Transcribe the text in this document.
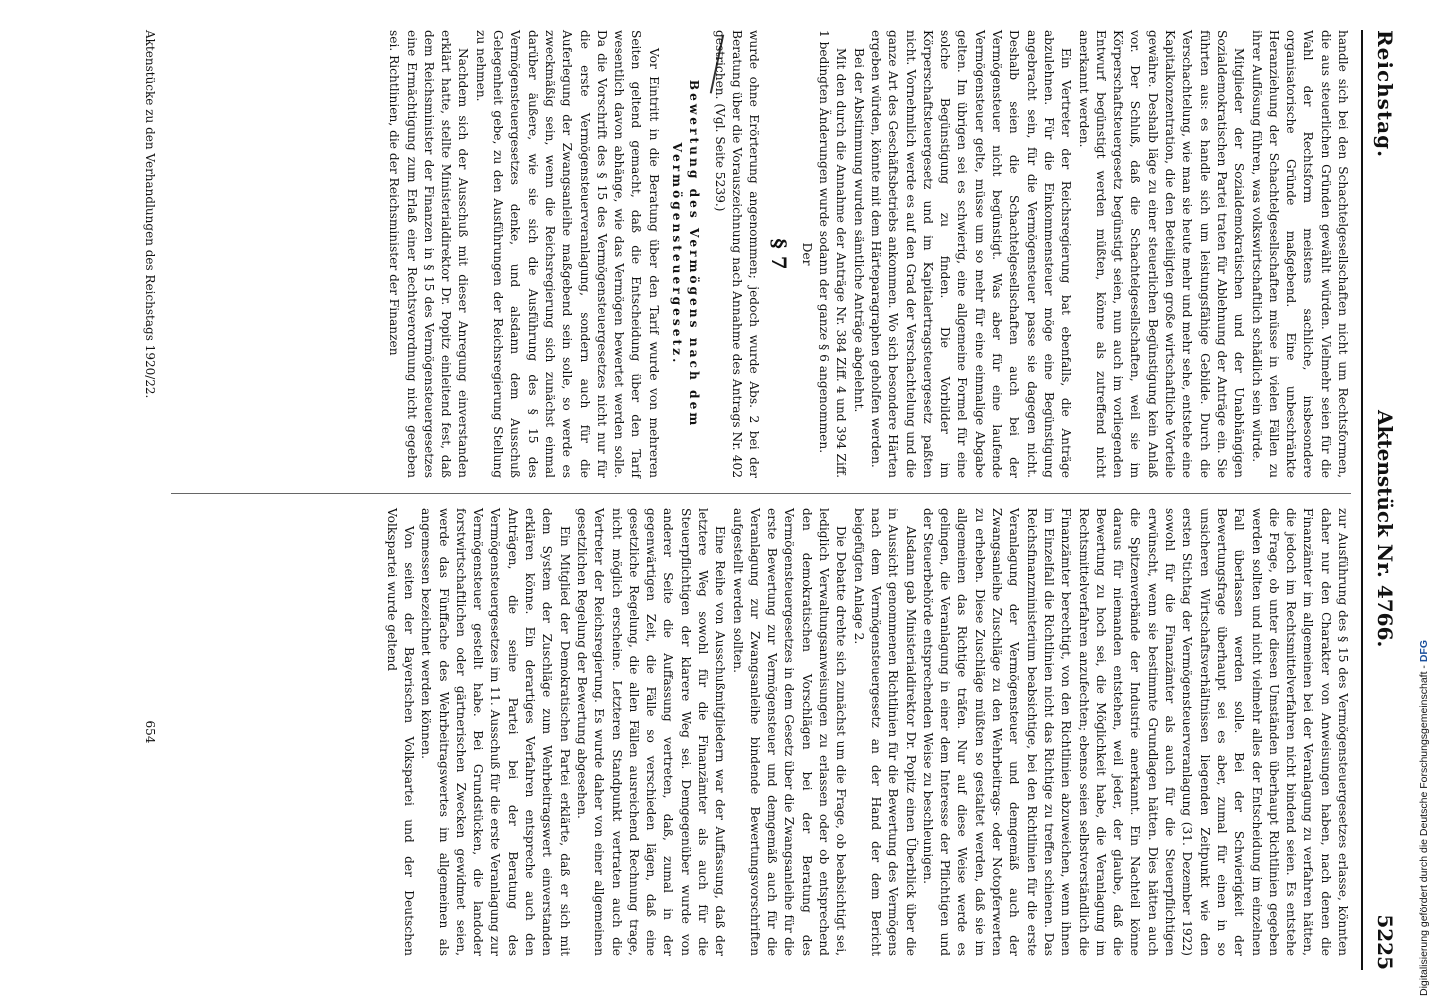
Reichstag.
Aktenstück Nr. 4766.
5225

handle sich bei den Schachtelgesellschaften nicht um Rechtsformen, die aus steuerlichen Gründen gewählt würden. Vielmehr seien für die Wahl der Rechtsform meistens sachliche, insbesondere organisatorische Gründe maßgebend. Eine unbeschränkte Heranziehung der Schachtelgesellschaften müsse in vielen Fällen zu ihrer Auflösung führen, was volkswirtschaftlich schädlich sein würde.

Mitglieder der Sozialdemokratischen und der Unabhängigen Sozialdemokratischen Partei traten für Ablehnung der Anträge ein. Sie führten aus: es handle sich um leistungsfähige Gebilde. Durch die Verschachtelung, wie man sie heute mehr und mehr sehe, entstehe eine Kapitalkonzentration, die den Beteiligten große wirtschaftliche Vorteile gewähre. Deshalb läge zu einer steuerlichen Begünstigung kein Anlaß vor. Der Schluß, daß die Schachtelgesellschaften, weil sie im Körperschaftsteuergesetz begünstigt seien, nun auch im vorliegenden Entwurf begünstigt werden müßten, könne als zutreffend nicht anerkannt werden.

Ein Vertreter der Reichsregierung bat ebenfalls, die Anträge abzulehnen. Für die Einkommensteuer möge eine Begünstigung angebracht sein, für die Vermögensteuer passe sie dagegen nicht. Deshalb seien die Schachtelgesellschaften auch bei der Vermögensteuer nicht begünstigt. Was aber für eine laufende Vermögensteuer gelte, müsse um so mehr für eine einmalige Abgabe gelten. Im übrigen sei es schwierig, eine allgemeine Formel für eine solche Begünstigung zu finden. Die Vorbilder im Körperschaftsteuergesetz und im Kapitalertragsteuergesetz paßten nicht. Vornehmlich werde es auf den Grad der Verschachtelung und die ganze Art des Geschäftsbetriebs ankommen. Wo sich besondere Härten ergeben würden, könnte mit dem Härteparagraphen geholfen werden.

Bei der Abstimmung wurden sämtliche Anträge abgelehnt.

Mit den durch die Annahme der Anträge Nr. 384 Ziff. 4 und 394 Ziff. 1 bedingten Änderungen wurde sodann der ganze § 6 angenommen.

Der

§ 7

wurde ohne Erörterung angenommen; jedoch wurde Abs. 2 bei der Beratung über die Vorauszeichnung nach Annahme des Antrags Nr. 402 gestrichen. (Vgl. Seite 5239.)

Bewertung des Vermögens nach dem Vermögensteuergesetz.

Vor Eintritt in die Beratung über den Tarif wurde von mehreren Seiten geltend gemacht, daß die Entscheidung über den Tarif wesentlich davon abhänge, wie das Vermögen bewertet werden solle. Da die Vorschrift des § 15 des Vermögensteuergesetzes nicht nur für die erste Vermögensteuerveranlagung, sondern auch für die Auferlegung der Zwangsanleihe maßgebend sein solle, so werde es zweckmäßig sein, wenn die Reichsregierung sich zunächst einmal darüber äußere, wie sie sich die Ausführung des § 15 des Vermögensteuergesetzes denke, und alsdann dem Ausschuß Gelegenheit gebe, zu den Ausführungen der Reichsregierung Stellung zu nehmen.

Nachdem sich der Ausschuß mit dieser Anregung einverstanden erklärt hatte, stellte Ministerialdirektor Dr. Popitz einleitend fest, daß dem Reichsminister der Finanzen in § 15 des Vermögensteuergesetzes eine Ermächtigung zum Erlaß einer Rechtsverordnung nicht gegeben sei. Richtlinien, die der Reichsminister der Finanzen

zur Ausführung des § 15 des Vermögensteuergesetzes erlasse, könnten daher nur den Charakter von Anweisungen haben, nach denen die Finanzämter im allgemeinen bei der Veranlagung zu verfahren hätten, die jedoch im Rechtsmittelverfahren nicht bindend seien. Es entstehe die Frage, ob unter diesen Umständen überhaupt Richtlinien gegeben werden sollten und nicht vielmehr alles der Entscheidung im einzelnen Fall überlassen werden solle. Bei der Schwierigkeit der Bewertungsfrage überhaupt sei es aber, zumal für einen in so unsicheren Wirtschaftsverhältnissen liegenden Zeitpunkt wie den ersten Stichtag der Vermögensteuerveranlagung (31. Dezember 1922) sowohl für die Finanzämter als auch für die Steuerpflichtigen erwünscht, wenn sie bestimmte Grundlagen hätten. Dies hätten auch die Spitzenverbände der Industrie anerkannt. Ein Nachteil könne daraus für niemanden entstehen, weil jeder, der glaube, daß die Bewertung zu hoch sei, die Möglichkeit habe, die Veranlagung im Rechtsmittelverfahren anzufechten; ebenso seien selbstverständlich die Finanzämter berechtigt, von den Richtlinien abzuweichen, wenn ihnen im Einzelfall die Richtlinien nicht das Richtige zu treffen schienen. Das Reichsfinanzministerium beabsichtige, bei den Richtlinien für die erste Veranlagung der Vermögensteuer und demgemäß auch der Zwangsanleihe Zuschläge zu den Wehrbeitrags- oder Notopferwerten zu erheben. Diese Zuschläge müßten so gestaltet werden, daß sie im allgemeinen das Richtige träfen. Nur auf diese Weise werde es gelingen, die Veranlagung in einer dem Interesse der Pflichtigen und der Steuerbehörde entsprechenden Weise zu beschleunigen.

Alsdann gab Ministerialdirektor Dr. Popitz einen Überblick über die in Aussicht genommenen Richtlinien für die Bewertung des Vermögens nach dem Vermögensteuergesetz an der Hand der dem Bericht beigefügten Anlage 2.

Die Debatte drehte sich zunächst um die Frage, ob beabsichtigt sei, lediglich Verwaltungsanweisungen zu erlassen oder ob entsprechend den demokratischen Vorschlägen bei der Beratung des Vermögensteuergesetzes in dem Gesetz über die Zwangsanleihe für die erste Bewertung zur Vermögensteuer und demgemäß auch für die Veranlagung zur Zwangsanleihe bindende Bewertungsvorschriften aufgestellt werden sollten.

Eine Reihe von Ausschußmitgliedern war der Auffassung, daß der letztere Weg sowohl für die Finanzämter als auch für die Steuerpflichtigen der klarere Weg sei. Demgegenüber wurde von anderer Seite die Auffassung vertreten, daß, zumal in der gegenwärtigen Zeit, die Fälle so verschieden lägen, daß eine gesetzliche Regelung, die allen Fällen ausreichend Rechnung trage, nicht möglich erscheine. Letzteren Standpunkt vertraten auch die Vertreter der Reichsregierung. Es wurde daher von einer allgemeinen gesetzlichen Regelung der Bewertung abgesehen.

Ein Mitglied der Demokratischen Partei erklärte, daß er sich mit dem System der Zuschläge zum Wehrbeitragswert einverstanden erklären könne. Ein derartiges Verfahren entspreche auch den Anträgen, die seine Partei bei der Beratung des Vermögensteuergesetzes im 11. Ausschuß für die erste Veranlagung zur Vermögensteuer gestellt habe. Bei Grundstücken, die landoder forstwirtschaftlichen oder gärtnerischen Zwecken gewidmet seien, werde das Fünffache des Wehrbeitragswertes im allgemeinen als angemessen bezeichnet werden können.

Von seiten der Bayerischen Volkspartei und der Deutschen Volkspartei wurde geltend

Aktenstücke zu den Verhandlungen des Reichstags 1920/22.
654	Digitalisierung gefördert durch die Deutsche Forschungsgemeinschaft - DFG
